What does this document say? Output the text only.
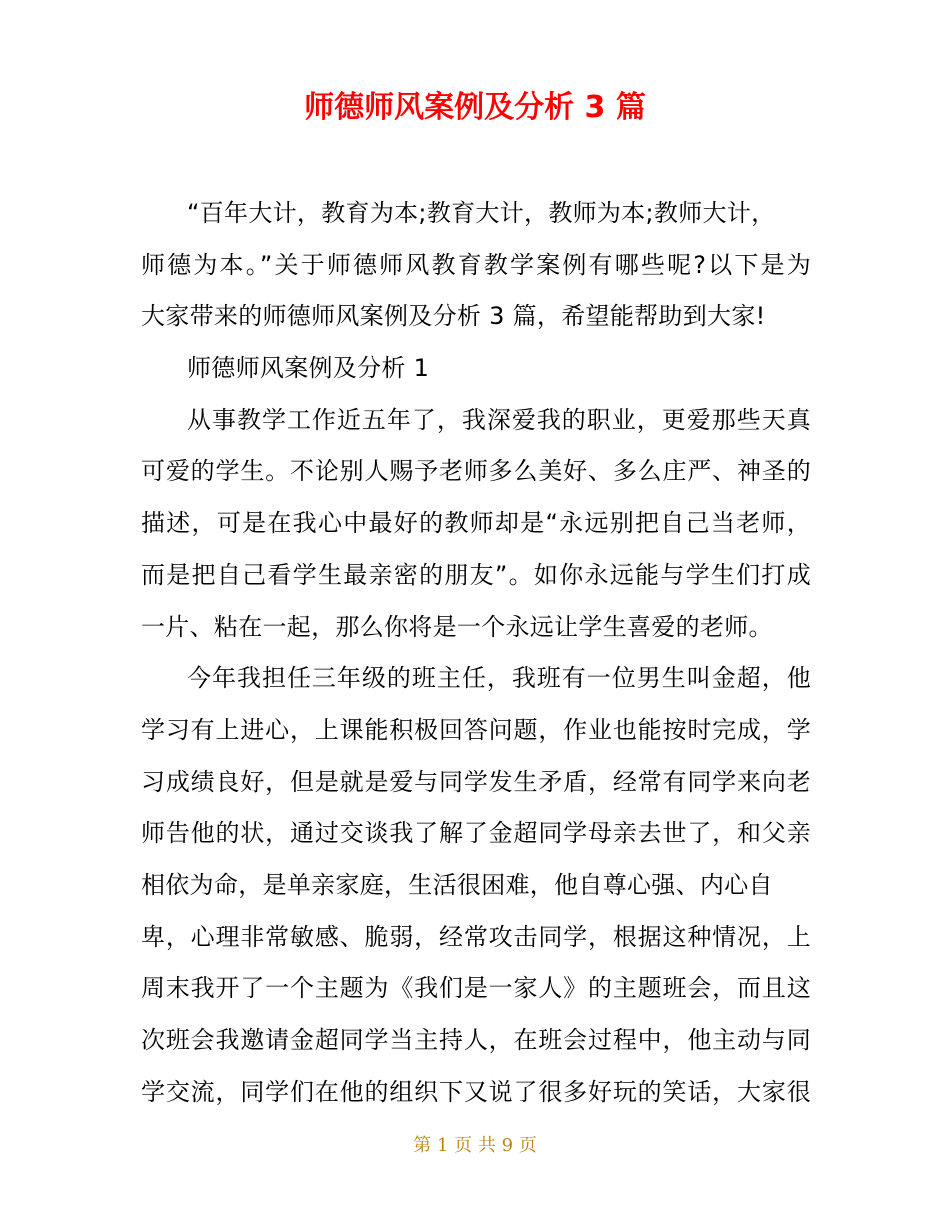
师德师风案例及分析 3 篇
“百年大计，教育为本;教育大计，教师为本;教师大计，
师德为本。”关于师德师风教育教学案例有哪些呢?以下是为
大家带来的师德师风案例及分析 3 篇，希望能帮助到大家!
师德师风案例及分析 1
从事教学工作近五年了，我深爱我的职业，更爱那些天真
可爱的学生。不论别人赐予老师多么美好、多么庄严、神圣的
描述，可是在我心中最好的教师却是“永远别把自己当老师，
而是把自己看学生最亲密的朋友”。如你永远能与学生们打成
一片、粘在一起，那么你将是一个永远让学生喜爱的老师。
今年我担任三年级的班主任，我班有一位男生叫金超，他
学习有上进心，上课能积极回答问题，作业也能按时完成，学
习成绩良好，但是就是爱与同学发生矛盾，经常有同学来向老
师告他的状，通过交谈我了解了金超同学母亲去世了，和父亲
相依为命，是单亲家庭，生活很困难，他自尊心强、内心自
卑，心理非常敏感、脆弱，经常攻击同学，根据这种情况，上
周末我开了一个主题为《我们是一家人》的主题班会，而且这
次班会我邀请金超同学当主持人，在班会过程中，他主动与同
学交流，同学们在他的组织下又说了很多好玩的笑话，大家很
第 1 页 共 9 页
